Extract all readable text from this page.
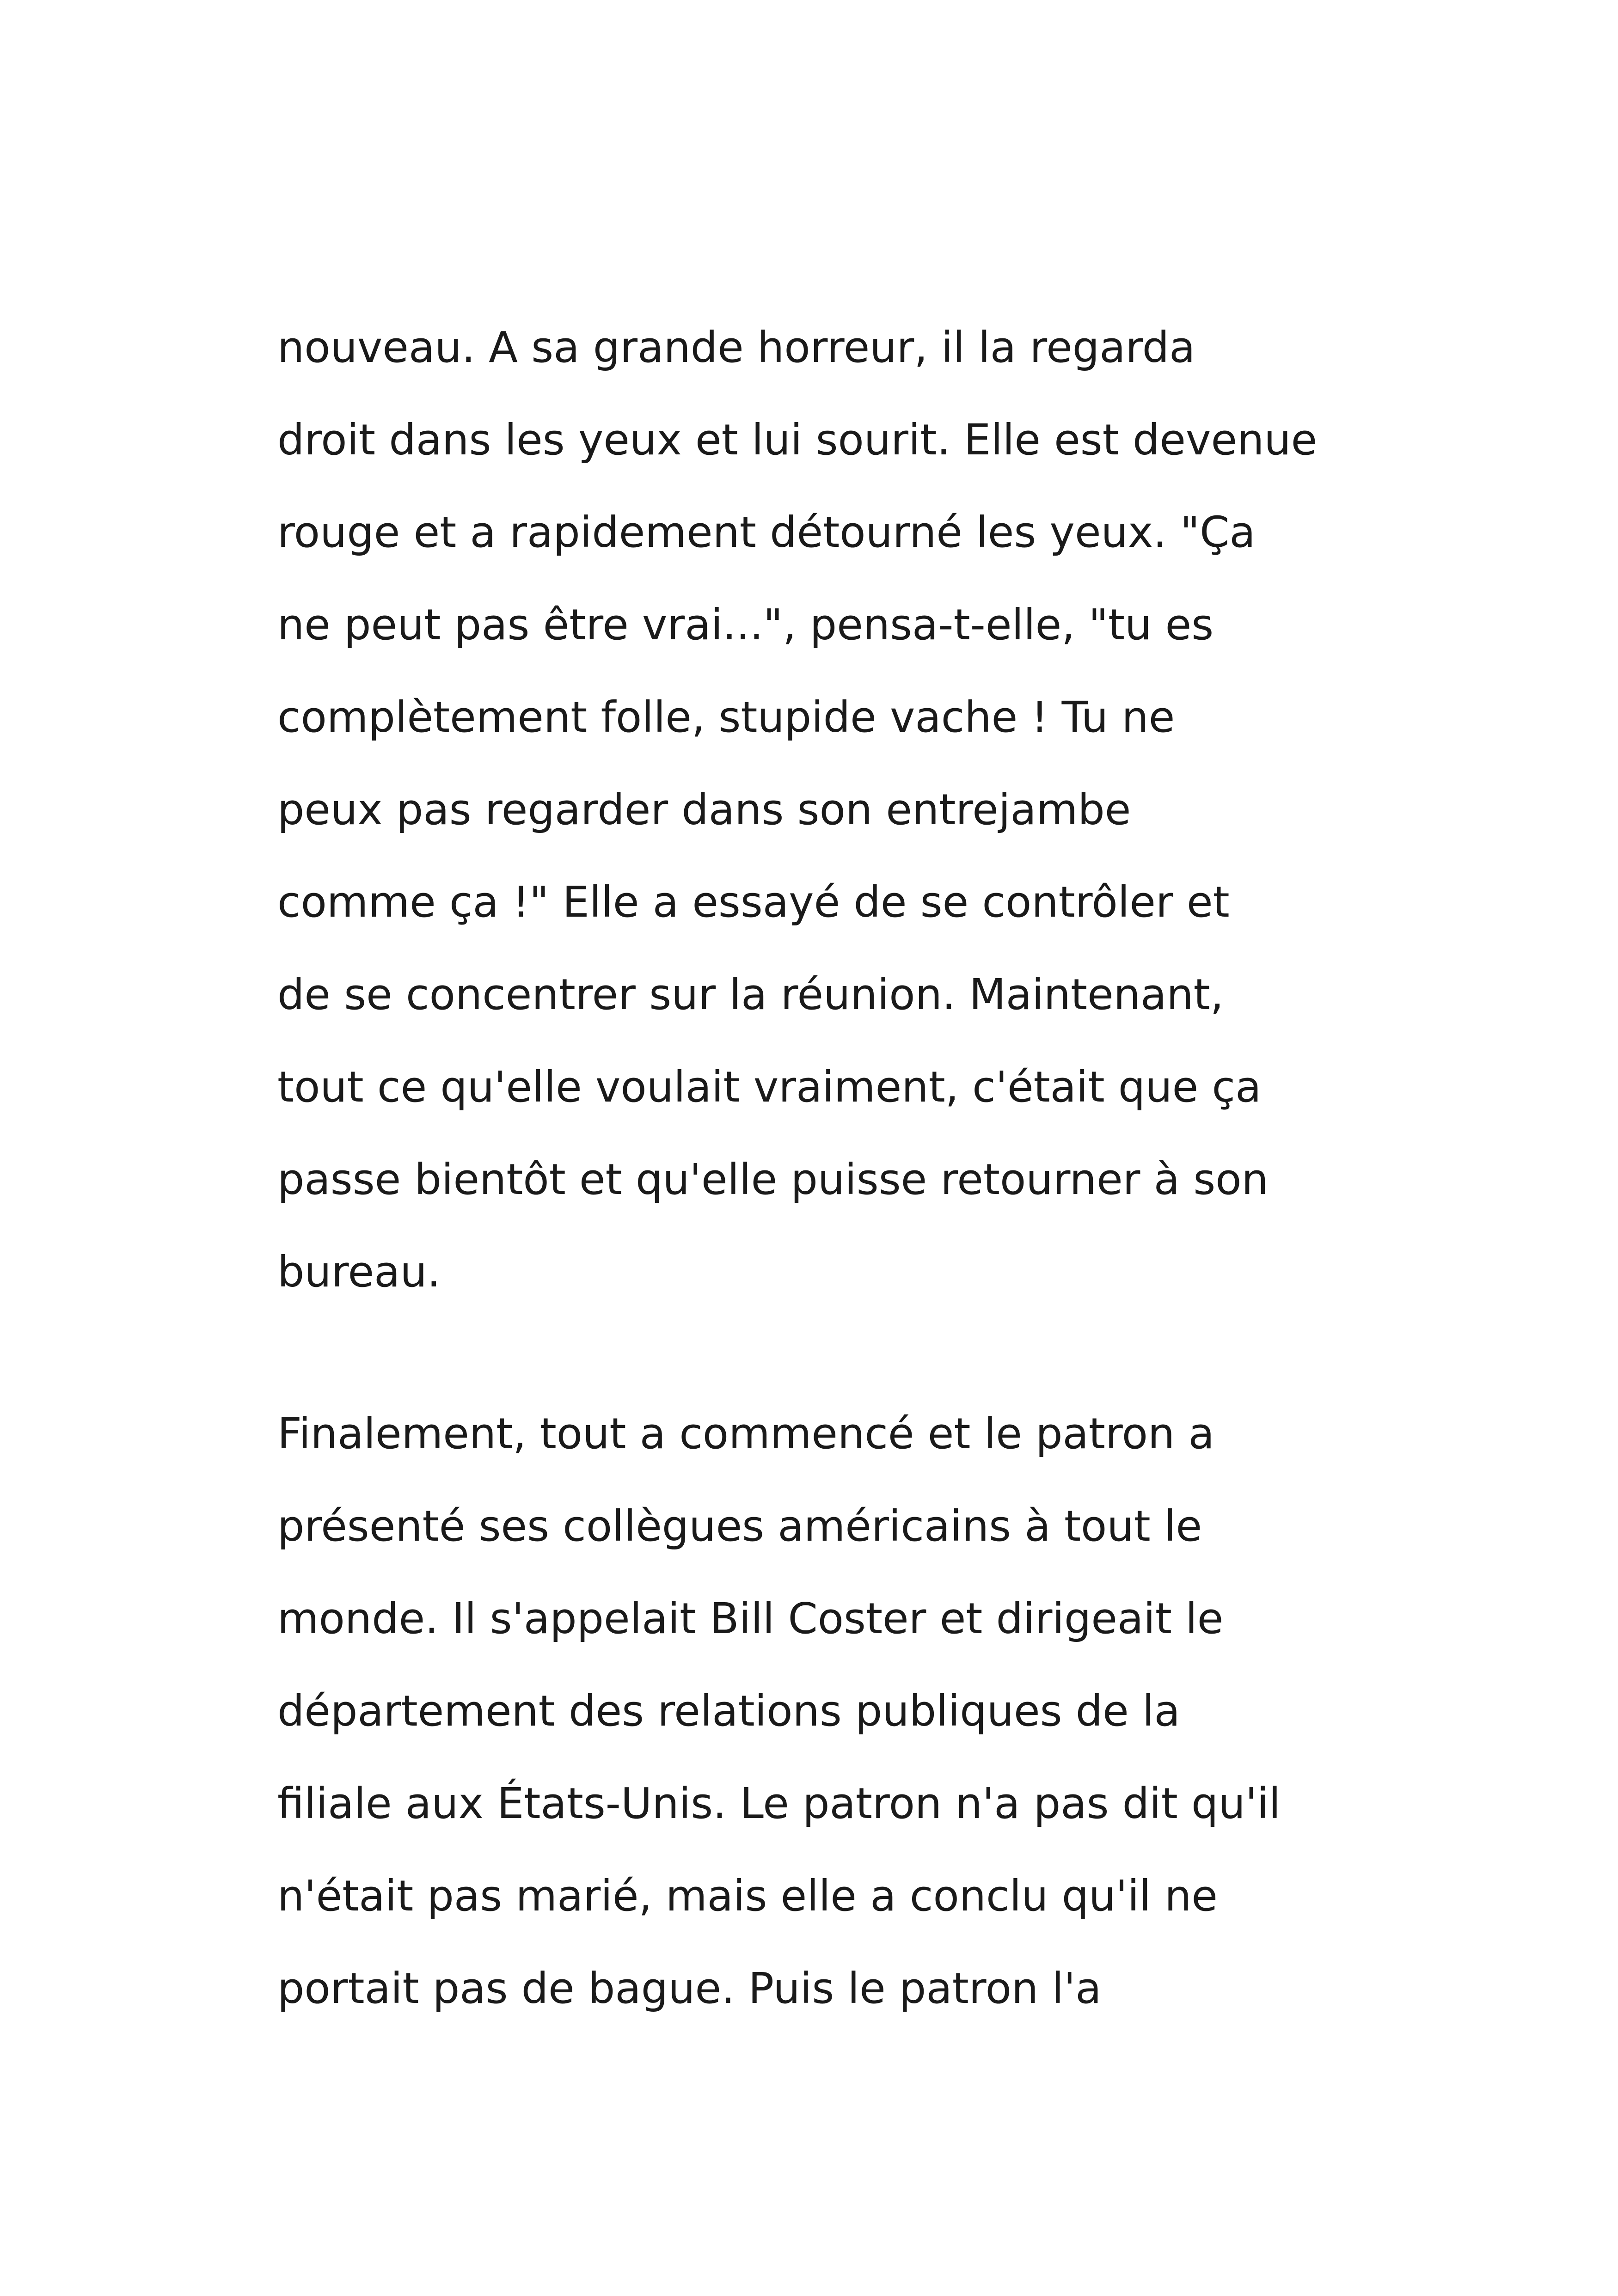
nouveau. A sa grande horreur, il la regarda
droit dans les yeux et lui sourit. Elle est devenue
rouge et a rapidement détourné les yeux. "Ça
ne peut pas être vrai...", pensa-t-elle, "tu es
complètement folle, stupide vache ! Tu ne
peux pas regarder dans son entrejambe
comme ça !" Elle a essayé de se contrôler et
de se concentrer sur la réunion. Maintenant,
tout ce qu'elle voulait vraiment, c'était que ça
passe bientôt et qu'elle puisse retourner à son
bureau.
Finalement, tout a commencé et le patron a
présenté ses collègues américains à tout le
monde. Il s'appelait Bill Coster et dirigeait le
département des relations publiques de la
filiale aux États-Unis. Le patron n'a pas dit qu'il
n'était pas marié, mais elle a conclu qu'il ne
portait pas de bague. Puis le patron l'a
